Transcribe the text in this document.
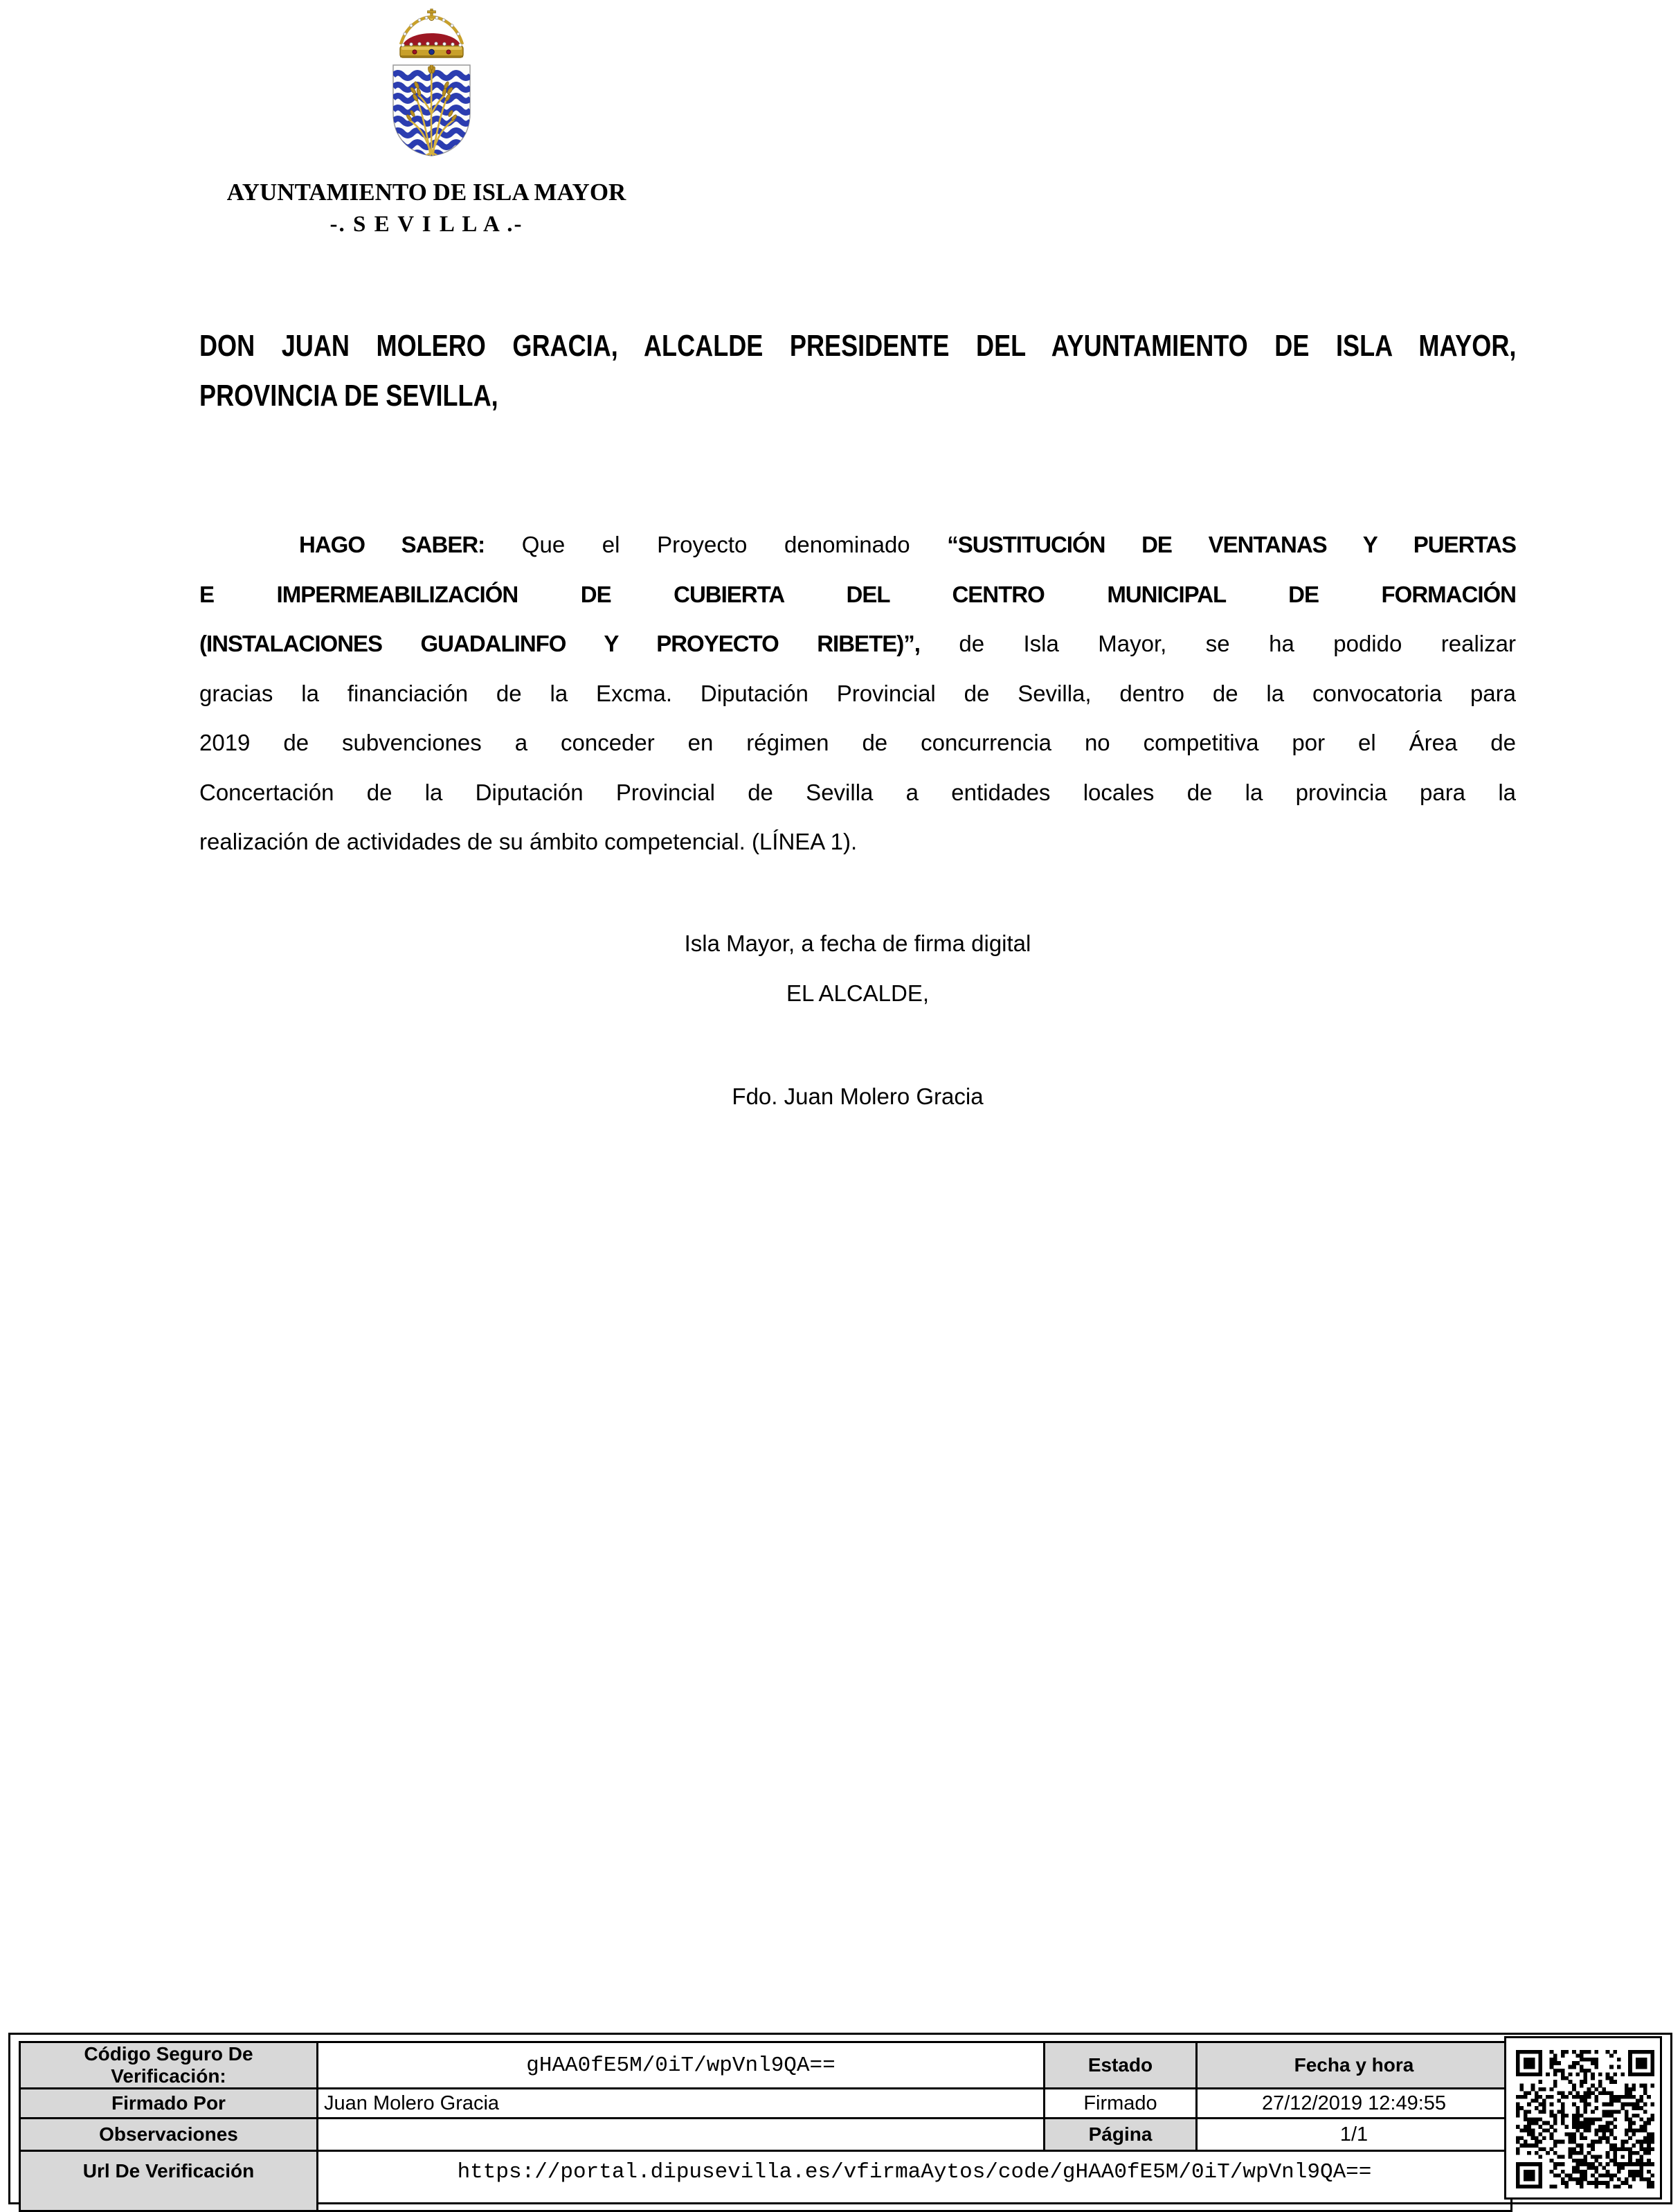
AYUNTAMIENTO DE ISLA MAYOR
-. S E V I L L A .-
DON JUAN MOLERO GRACIA, ALCALDE PRESIDENTE DEL AYUNTAMIENTO DE ISLA MAYOR,
PROVINCIA DE SEVILLA,
HAGO SABER: Que el Proyecto denominado “SUSTITUCIÓN DE VENTANAS Y PUERTAS
E IMPERMEABILIZACIÓN DE CUBIERTA DEL CENTRO MUNICIPAL DE FORMACIÓN
(INSTALACIONES GUADALINFO Y PROYECTO RIBETE)”, de Isla Mayor, se ha podido realizar
gracias la financiación de la Excma. Diputación Provincial de Sevilla, dentro de la convocatoria para
2019 de subvenciones a conceder en régimen de concurrencia no competitiva por el Área de
Concertación de la Diputación Provincial de Sevilla a entidades locales de la provincia para la
realización de actividades de su ámbito competencial. (LÍNEA 1).
Isla Mayor, a fecha de firma digital
EL ALCALDE,
Fdo. Juan Molero Gracia
Código Seguro De Verificación:	gHAA0fE5M/0iT/wpVnl9QA==	Estado	Fecha y hora
Firmado Por	Juan Molero Gracia	Firmado	27/12/2019 12:49:55
Observaciones		Página	1/1
Url De Verificación	https://portal.dipusevilla.es/vfirmaAytos/code/gHAA0fE5M/0iT/wpVnl9QA==		
